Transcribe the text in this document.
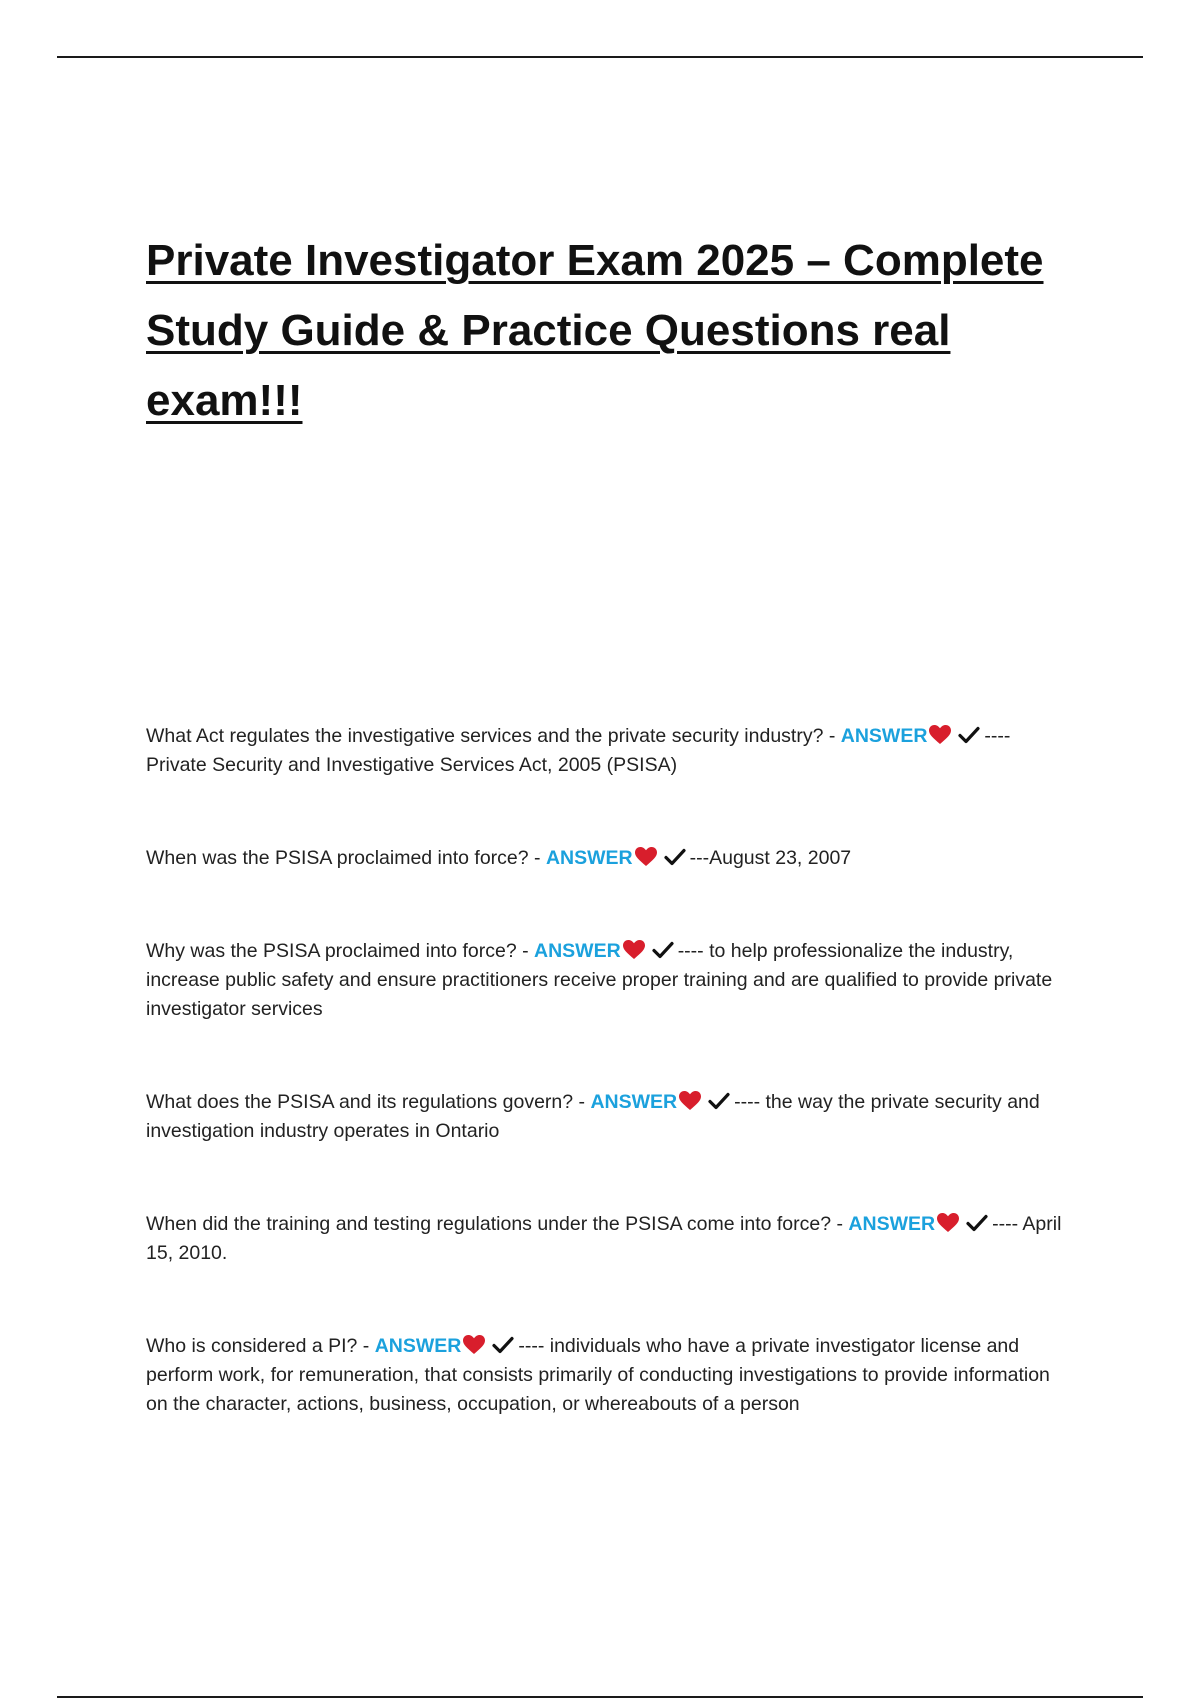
Private Investigator Exam 2025 – Complete Study Guide & Practice Questions real exam!!!

What Act regulates the investigative services and the private security industry? - ANSWER	---- Private Security and Investigative Services Act, 2005 (PSISA)

When was the PSISA proclaimed into force? - ANSWER	---August 23, 2007

Why was the PSISA proclaimed into force? - ANSWER	---- to help professionalize the industry, increase public safety and ensure practitioners receive proper training and are qualified to provide private investigator services

What does the PSISA and its regulations govern? - ANSWER	---- the way the private security and investigation industry operates in Ontario

When did the training and testing regulations under the PSISA come into force? - ANSWER	---- April 15, 2010.

Who is considered a PI? - ANSWER	---- individuals who have a private investigator license and perform work, for remuneration, that consists primarily of conducting investigations to provide information on the character, actions, business, occupation, or whereabouts of a person
